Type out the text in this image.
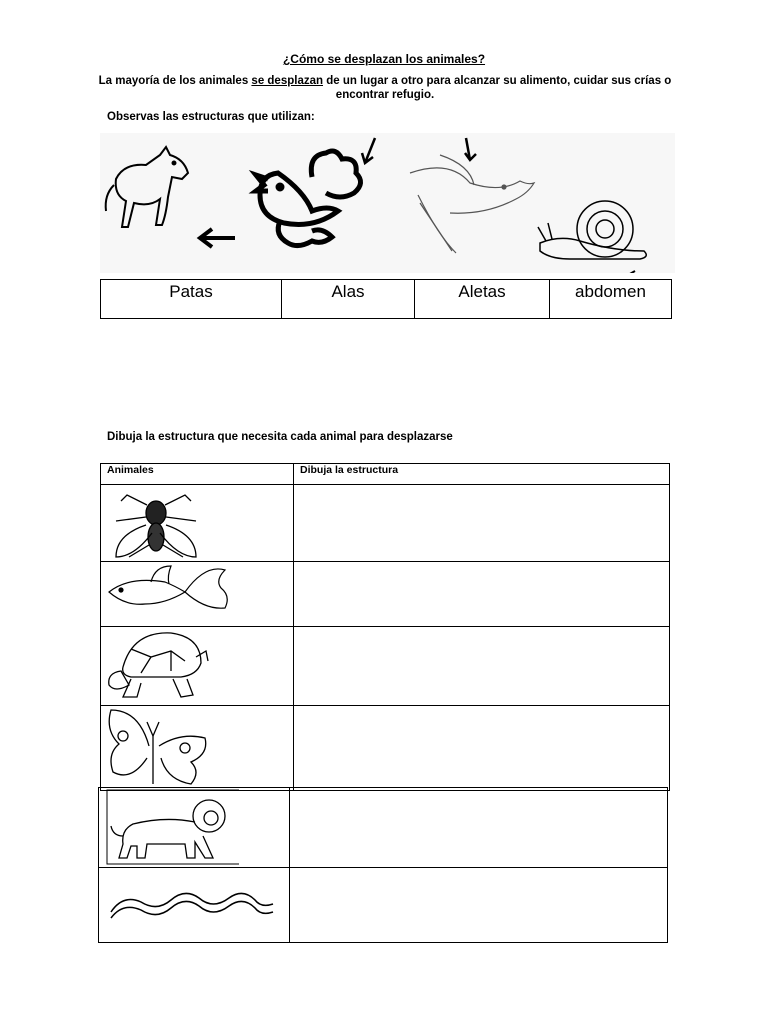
¿Cómo se desplazan los animales?
La mayoría de los animales se desplazan de un lugar a otro para alcanzar su alimento, cuidar sus crías o encontrar refugio.
Observas las estructuras que utilizan:
Patas	Alas	Aletas	abdomen
Dibuja la estructura que necesita cada animal para desplazarse
Animales	Dibuja la estructura
